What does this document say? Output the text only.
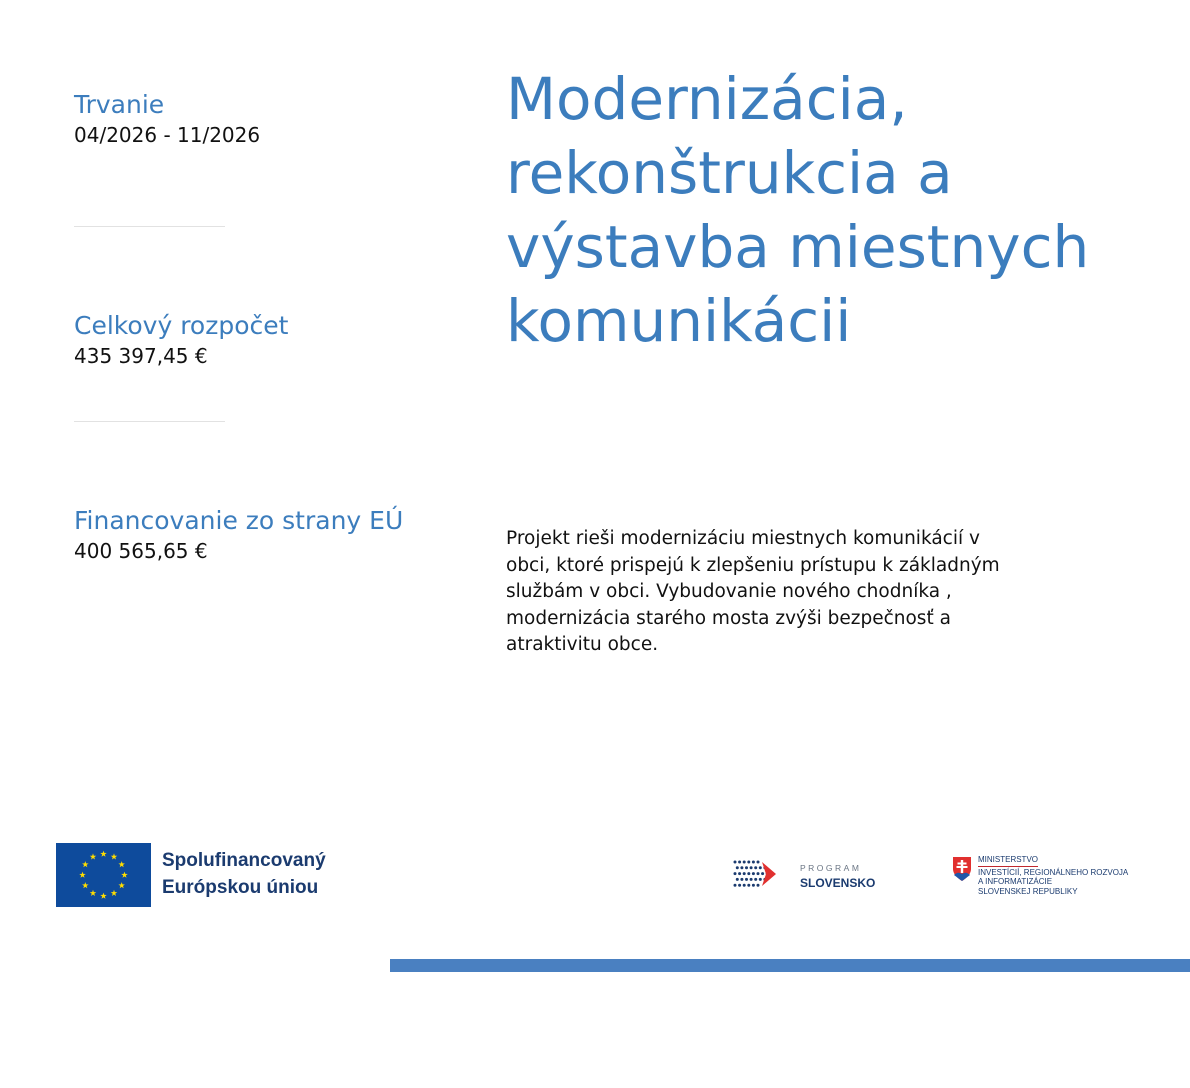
Trvanie
04/2026 - 11/2026
Celkový rozpočet
435 397,45 €
Financovanie zo strany EÚ
400 565,65 €
Modernizácia,
rekonštrukcia a
výstavba miestnych
komunikácii
Projekt rieši modernizáciu miestnych komunikácií v
obci, ktoré prispejú k zlepšeniu prístupu k základným
službám v obci. Vybudovanie nového chodníka ,
modernizácia starého mosta zvýši bezpečnosť a
atraktivitu obce.
Spolufinancovaný
Európskou úniou
PROGRAM
SLOVENSKO
MINISTERSTVO
INVESTÍCIÍ, REGIONÁLNEHO ROZVOJA
A INFORMATIZÁCIE
SLOVENSKEJ REPUBLIKY
